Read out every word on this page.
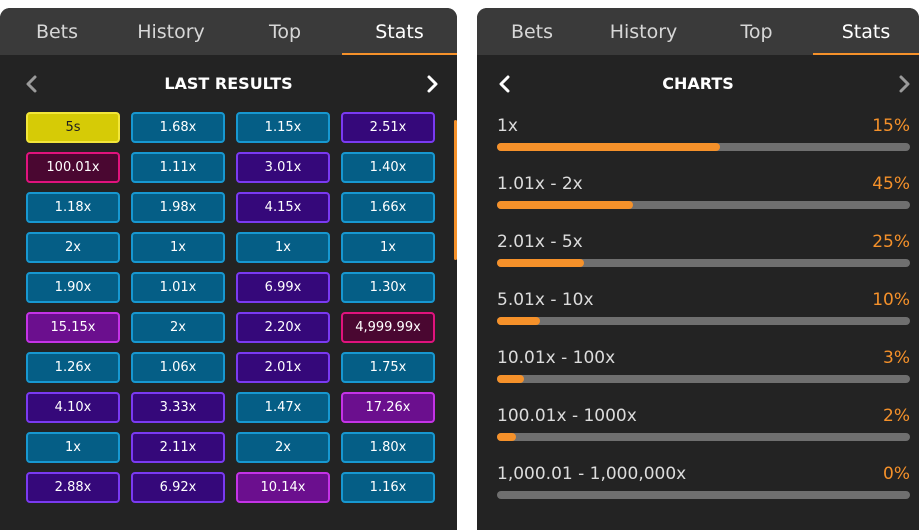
Bets	History	Top	Stats
LAST RESULTS
5s	1.68x	1.15x	2.51x
100.01x	1.11x	3.01x	1.40x
1.18x	1.98x	4.15x	1.66x
2x	1x	1x	1x
1.90x	1.01x	6.99x	1.30x
15.15x	2x	2.20x	4,999.99x
1.26x	1.06x	2.01x	1.75x
4.10x	3.33x	1.47x	17.26x
1x	2.11x	2x	1.80x
2.88x	6.92x	10.14x	1.16x
Bets	History	Top	Stats
CHARTS
1x	15%
1.01x - 2x	45%
2.01x - 5x	25%
5.01x - 10x	10%
10.01x - 100x	3%
100.01x - 1000x	2%
1,000.01 - 1,000,000x	0%
